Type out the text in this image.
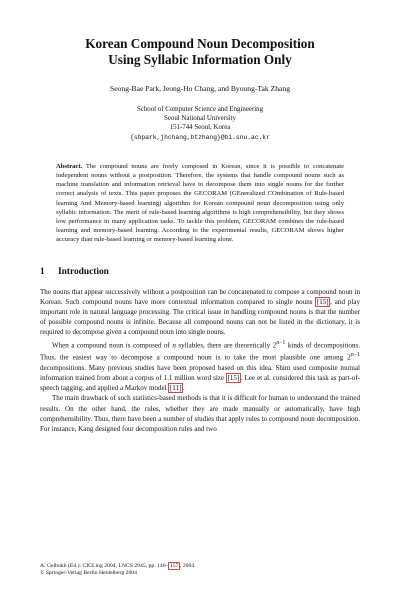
Korean Compound Noun Decomposition
Using Syllabic Information Only
Seong-Bae Park, Jeong-Ho Chang, and Byoung-Tak Zhang
School of Computer Science and Engineering
Seoul National University
151-744 Seoul, Korea
{sbpark,jhchang,btzhang}@bi.snu.ac.kr
Abstract. The compound nouns are freely composed in Korean, since it is possible to concatenate independent nouns without a postposition. Therefore, the systems that handle compound nouns such as machine translation and information retrieval have to decompose them into single nouns for the further correct analysis of texts. This paper proposes the GECORAM (GEneralized COmbination of Rule-based learning And Memory-based learning) algorithm for Korean compound noun decomposition using only syllabic information. The merit of rule-based learning algorithms is high comprehensibility, but they shows low performance in many application tasks. To tackle this problem, GECORAM combines the rule-based learning and memory-based learning. According to the experimental results, GECORAM shows higher accuracy than rule-based learning or memory-based learning alone.
1 Introduction

The nouns that appear successively without a postposition can be concatenated to compose a compound noun in Korean. Such compound nouns have more contextual information compared to single nouns [15] , and play important role in natural language processing. The critical issue in handling compound nouns is that the number of possible compound nouns is infinite. Because all compound nouns can not be listed in the dictionary, it is required to decompose given a compound noun into single nouns.

When a compound noun is composed of n syllables, there are theoretically $2^{n-1}$ kinds of decompositions. Thus, the easiest way to decompose a compound noun is to take the most plausible one among $2^{n-1}$ decompositions. Many previous studies have been proposed based on this idea. Shim used composite mutual information trained from about a corpus of 1.1 million word size [15] . Lee et al. considered this task as part-of-speech tagging, and applied a Markov model [11] .

The main drawback of such statistics-based methods is that it is difficult for human to understand the trained results. On the other hand, the rules, whether they are made manually or automatically, have high comprehensibility. Thus, there have been a number of studies that apply rules to compound noun decomposition. For instance, Kang designed four decomposition rules and two

A. Gelbukh (Ed.): CICLing 2004, LNCS 2945, pp. 146– 157 , 2004.
© Springer-Verlag Berlin Heidelberg 2004
